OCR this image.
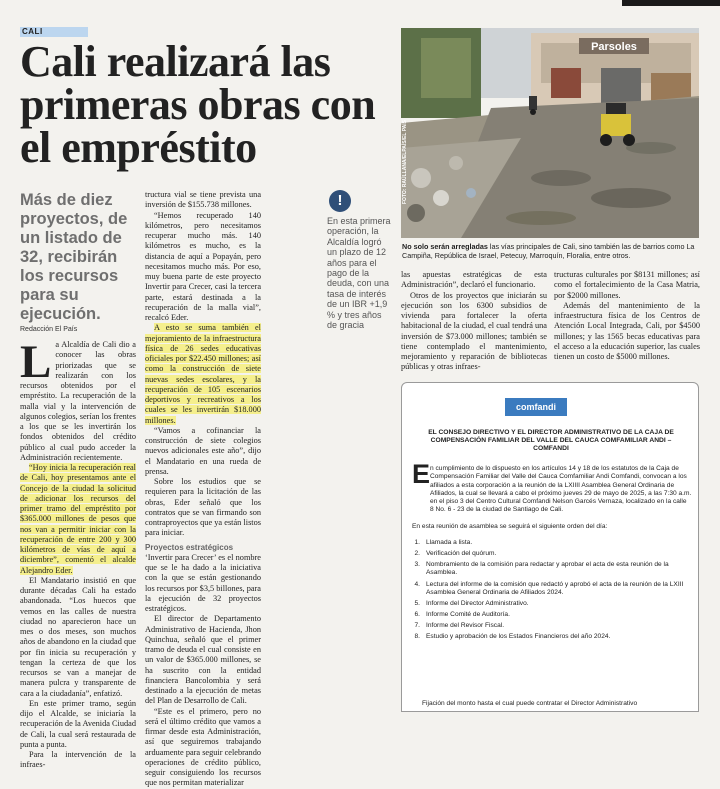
CALI
Cali realizará las primeras obras con el empréstito
Más de diez proyectos, de un listado de 32, recibirán los recursos para su ejecución.
Redacción El País
L a Alcaldía de Cali dio a conocer las obras priorizadas que se realizarán con los recursos obtenidos por el empréstito. La recuperación de la malla vial y la intervención de algunos colegios, serían los frentes a los que se les invertirán los fondos obtenidos del crédito público al cual pudo acceder la Administración recientemente.

“Hoy inicia la recuperación real de Cali, hoy presentamos ante el Concejo de la ciudad la solicitud de adicionar los recursos del primer tramo del empréstito por $365.000 millones de pesos que nos van a permitir iniciar con la recuperación de entre 200 y 300 kilómetros de vías de aquí a diciembre”, comentó el alcalde Alejandro Eder.

El Mandatario insistió en que durante décadas Cali ha estado abandonada. “Los huecos que vemos en las calles de nuestra ciudad no aparecieron hace un mes o dos meses, son muchos años de abandono en la ciudad que por fin inicia su recuperación y tengan la certeza de que los recursos se van a manejar de manera pulcra y transparente de cara a la ciudadanía”, enfatizó.

En este primer tramo, según dijo el Alcalde, se iniciaría la recuperación de la Avenida Ciudad de Cali, la cual será restaurada de punta a punta.

Para la intervención de la infraes-

tructura vial se tiene prevista una inversión de $155.738 millones.

“Hemos recuperado 140 kilómetros, pero necesitamos recuperar mucho más. 140 kilómetros es mucho, es la distancia de aquí a Popayán, pero necesitamos mucho más. Por eso, muy buena parte de este proyecto Invertir para Crecer, casi la tercera parte, estará destinada a la recuperación de la malla vial”, recalcó Eder.

A esto se suma también el mejoramiento de la infraestructura física de 26 sedes educativas oficiales por $22.450 millones; así como la construcción de siete nuevas sedes escolares, y la recuperación de 105 escenarios deportivos y recreativos a los cuales se les invertirán $18.000 millones.

“Vamos a cofinanciar la construcción de siete colegios nuevos adicionales este año”, dijo el Mandatario en una rueda de prensa.

Sobre los estudios que se requieren para la licitación de las obras, Eder señaló que los contratos que se van firmando son contraproyectos que ya están listos para iniciar.

Proyectos estratégicos

‘Invertir para Crecer’ es el nombre que se le ha dado a la iniciativa con la que se están gestionando los recursos por $3,5 billones, para la ejecución de 32 proyectos estratégicos.

El director de Departamento Administrativo de Hacienda, Jhon Quinchua, señaló que el primer tramo de deuda el cual consiste en un valor de $365.000 millones, se ha suscrito con la entidad financiera Bancolombia y será destinado a la ejecución de metas del Plan de Desarrollo de Cali.

“Este es el primero, pero no será el último crédito que vamos a firmar desde esta Administración, así que seguiremos trabajando arduamente para seguir celebrando operaciones de crédito público, seguir consiguiendo los recursos que nos permitan materializar

!
En esta primera operación, la Alcaldía logró un plazo de 12 años para el pago de la deuda, con una tasa de interés de un IBR +1,9 % y tres años de gracia
Parsoles
FOTO: RAÚLLANA/ELPAÍS/EL PAÍS
No solo serán arregladas las vías principales de Cali, sino también las de barrios como La Campiña, República de Israel, Petecuy, Marroquín, Floralia, entre otros.

las apuestas estratégicas de esta Administración”, declaró el funcionario.

Otros de los proyectos que iniciarán su ejecución son los 6300 subsidios de vivienda para fortalecer la oferta habitacional de la ciudad, el cual tendrá una inversión de $73.000 millones; también se tiene contemplado el mantenimiento, mejoramiento y reparación de bibliotecas públicas y otras infraes-

tructuras culturales por $8131 millones; así como el fortalecimiento de la Casa Matria, por $2000 millones.

Además del mantenimiento de la infraestructura física de los Centros de Atención Local Integrada, Cali, por $4500 millones; y las 1565 becas educativas para el acceso a la educación superior, las cuales tienen un costo de $5000 millones.

comfandi
EL CONSEJO DIRECTIVO Y EL DIRECTOR ADMINISTRATIVO DE LA CAJA DE COMPENSACIÓN FAMILIAR DEL VALLE DEL CAUCA COMFAMILIAR ANDI – COMFANDI
E n cumplimiento de lo dispuesto en los artículos 14 y 18 de los estatutos de la Caja de Compensación Familiar del Valle del Cauca Comfamiliar Andi Comfandi, convocan a los afiliados a esta corporación a la reunión de la LXIIII Asamblea General Ordinaria de Afiliados, la cual se llevará a cabo el próximo jueves 29 de mayo de 2025, a las 7:30 a.m. en el piso 3 del Centro Cultural Comfandi Nelson Garcés Vernaza, localizado en la calle 8 No. 6 - 23 de la ciudad de Santiago de Cali.
En esta reunión de asamblea se seguirá el siguiente orden del día:
1. Llamada a lista.
2. Verificación del quórum.
3. Nombramiento de la comisión para redactar y aprobar el acta de esta reunión de la Asamblea.
4. Lectura del informe de la comisión que redactó y aprobó el acta de la reunión de la LXIII Asamblea General Ordinaria de Afiliados 2024.
5. Informe del Director Administrativo.
6. Informe Comité de Auditoría.
7. Informe del Revisor Fiscal.
8. Estudio y aprobación de los Estados Financieros del año 2024.
Fijación del monto hasta el cual puede contratar el Director Administrativo
